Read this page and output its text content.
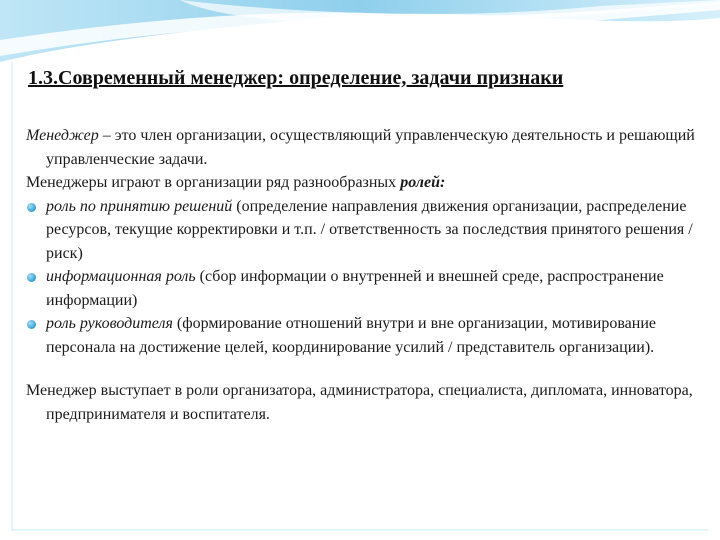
1.3.Современный менеджер: определение, задачи признаки

Менеджер – это член организации, осуществляющий управленческую деятельность и решающий управленческие задачи.

Менеджеры играют в организации ряд разнообразных ролей:

роль по принятию решений (определение направления движения организации, распределение ресурсов, текущие корректировки и т.п. / ответственность за последствия принятого решения / риск)

информационная роль (сбор информации о внутренней и внешней среде, распространение информации)

роль руководителя (формирование отношений внутри и вне организации, мотивирование персонала на достижение целей, координирование усилий / представитель организации).

Менеджер выступает в роли организатора, администратора, специалиста, дипломата, инноватора, предпринимателя и воспитателя.
